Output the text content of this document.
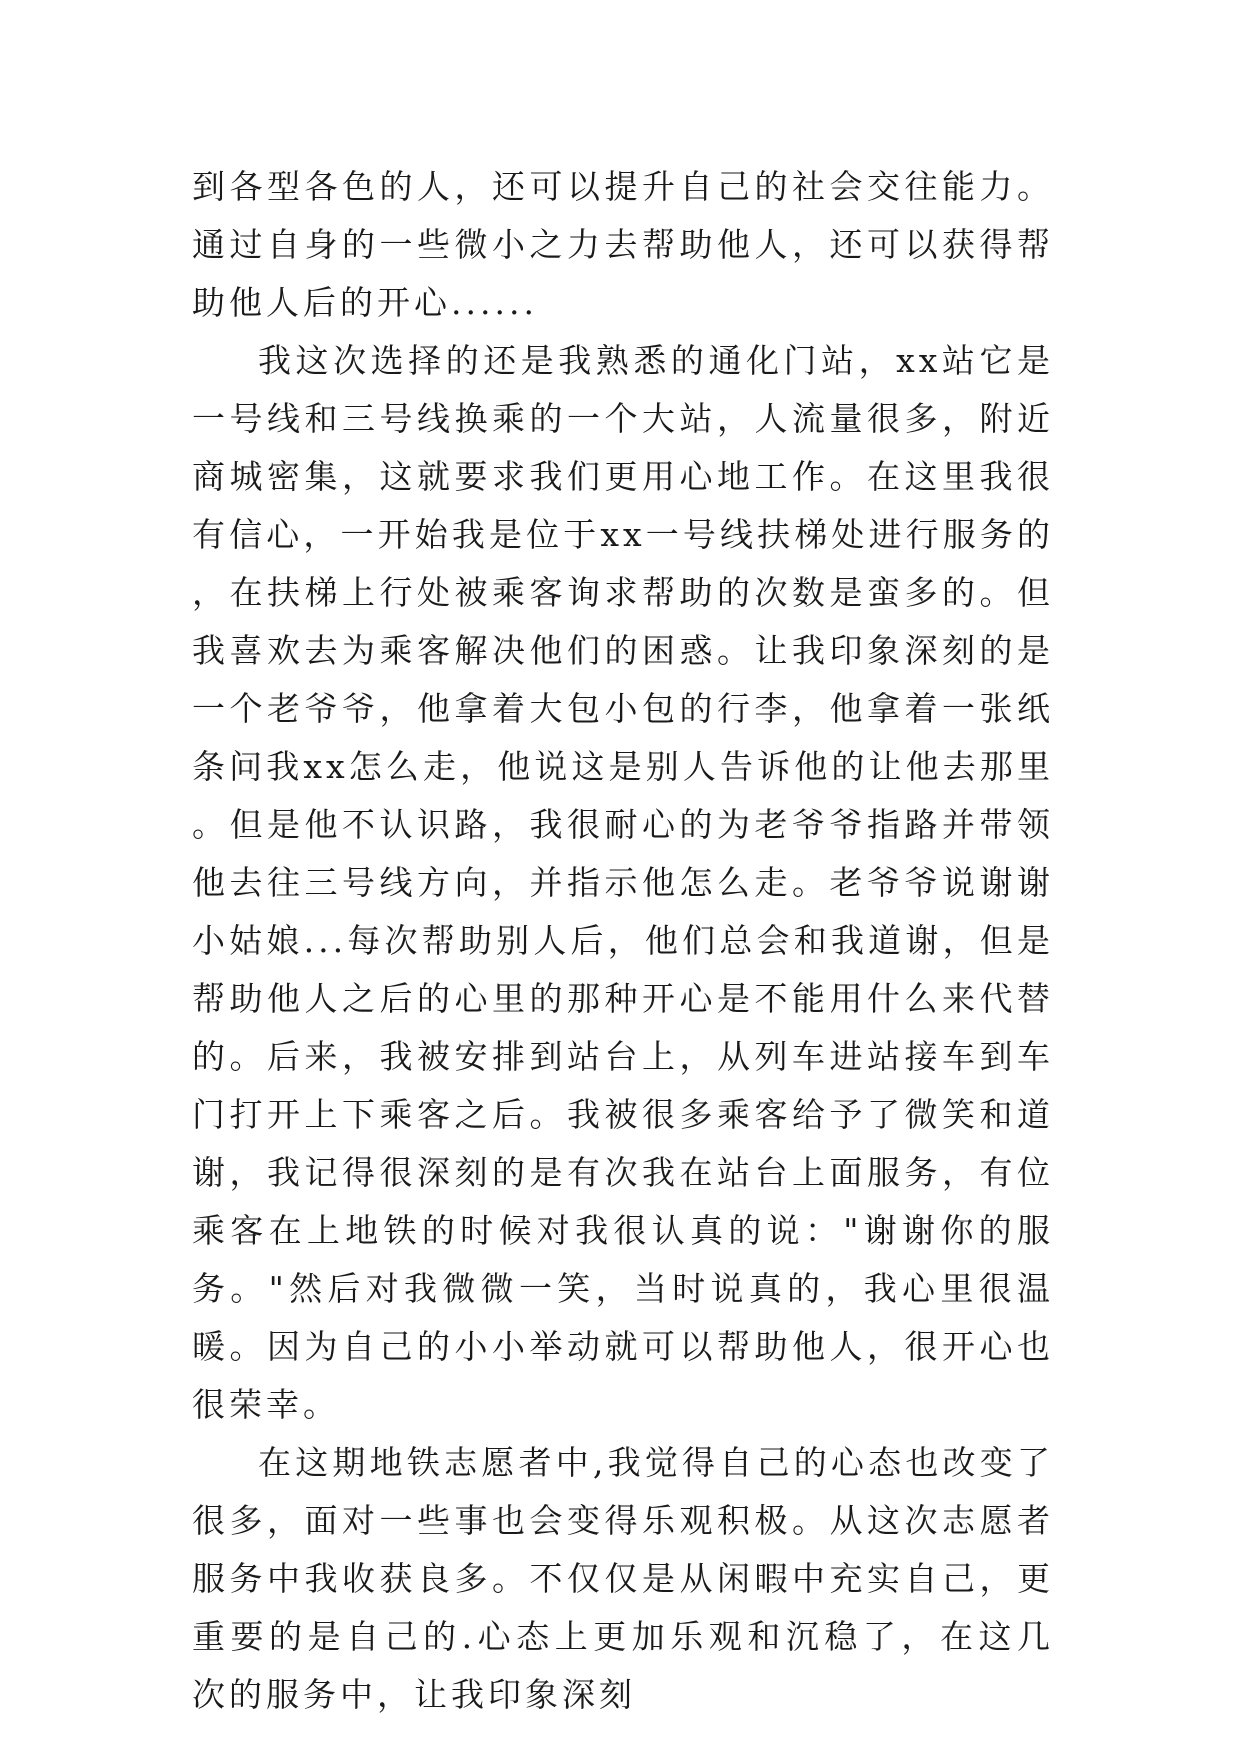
到各型各色的人，还可以提升自己的社会交往能力。通过自身的一些微小之力去帮助他人，还可以获得帮助他人后的开心......

我这次选择的还是我熟悉的通化门站，xx站它是一号线和三号线换乘的一个大站，人流量很多，附近商城密集，这就要求我们更用心地工作。在这里我很有信心，一开始我是位于xx一号线扶梯处进行服务的，在扶梯上行处被乘客询求帮助的次数是蛮多的。但我喜欢去为乘客解决他们的困惑。让我印象深刻的是一个老爷爷，他拿着大包小包的行李，他拿着一张纸条问我xx怎么走，他说这是别人告诉他的让他去那里。但是他不认识路，我很耐心的为老爷爷指路并带领他去往三号线方向，并指示他怎么走。老爷爷说谢谢小姑娘...每次帮助别人后，他们总会和我道谢，但是帮助他人之后的心里的那种开心是不能用什么来代替的。后来，我被安排到站台上，从列车进站接车到车门打开上下乘客之后。我被很多乘客给予了微笑和道谢，我记得很深刻的是有次我在站台上面服务，有位乘客在上地铁的时候对我很认真的说："谢谢你的服务。"然后对我微微一笑，当时说真的，我心里很温暖。因为自己的小小举动就可以帮助他人，很开心也很荣幸。

在这期地铁志愿者中,我觉得自己的心态也改变了很多，面对一些事也会变得乐观积极。从这次志愿者服务中我收获良多。不仅仅是从闲暇中充实自己，更重要的是自己的.心态上更加乐观和沉稳了，在这几次的服务中，让我印象深刻
